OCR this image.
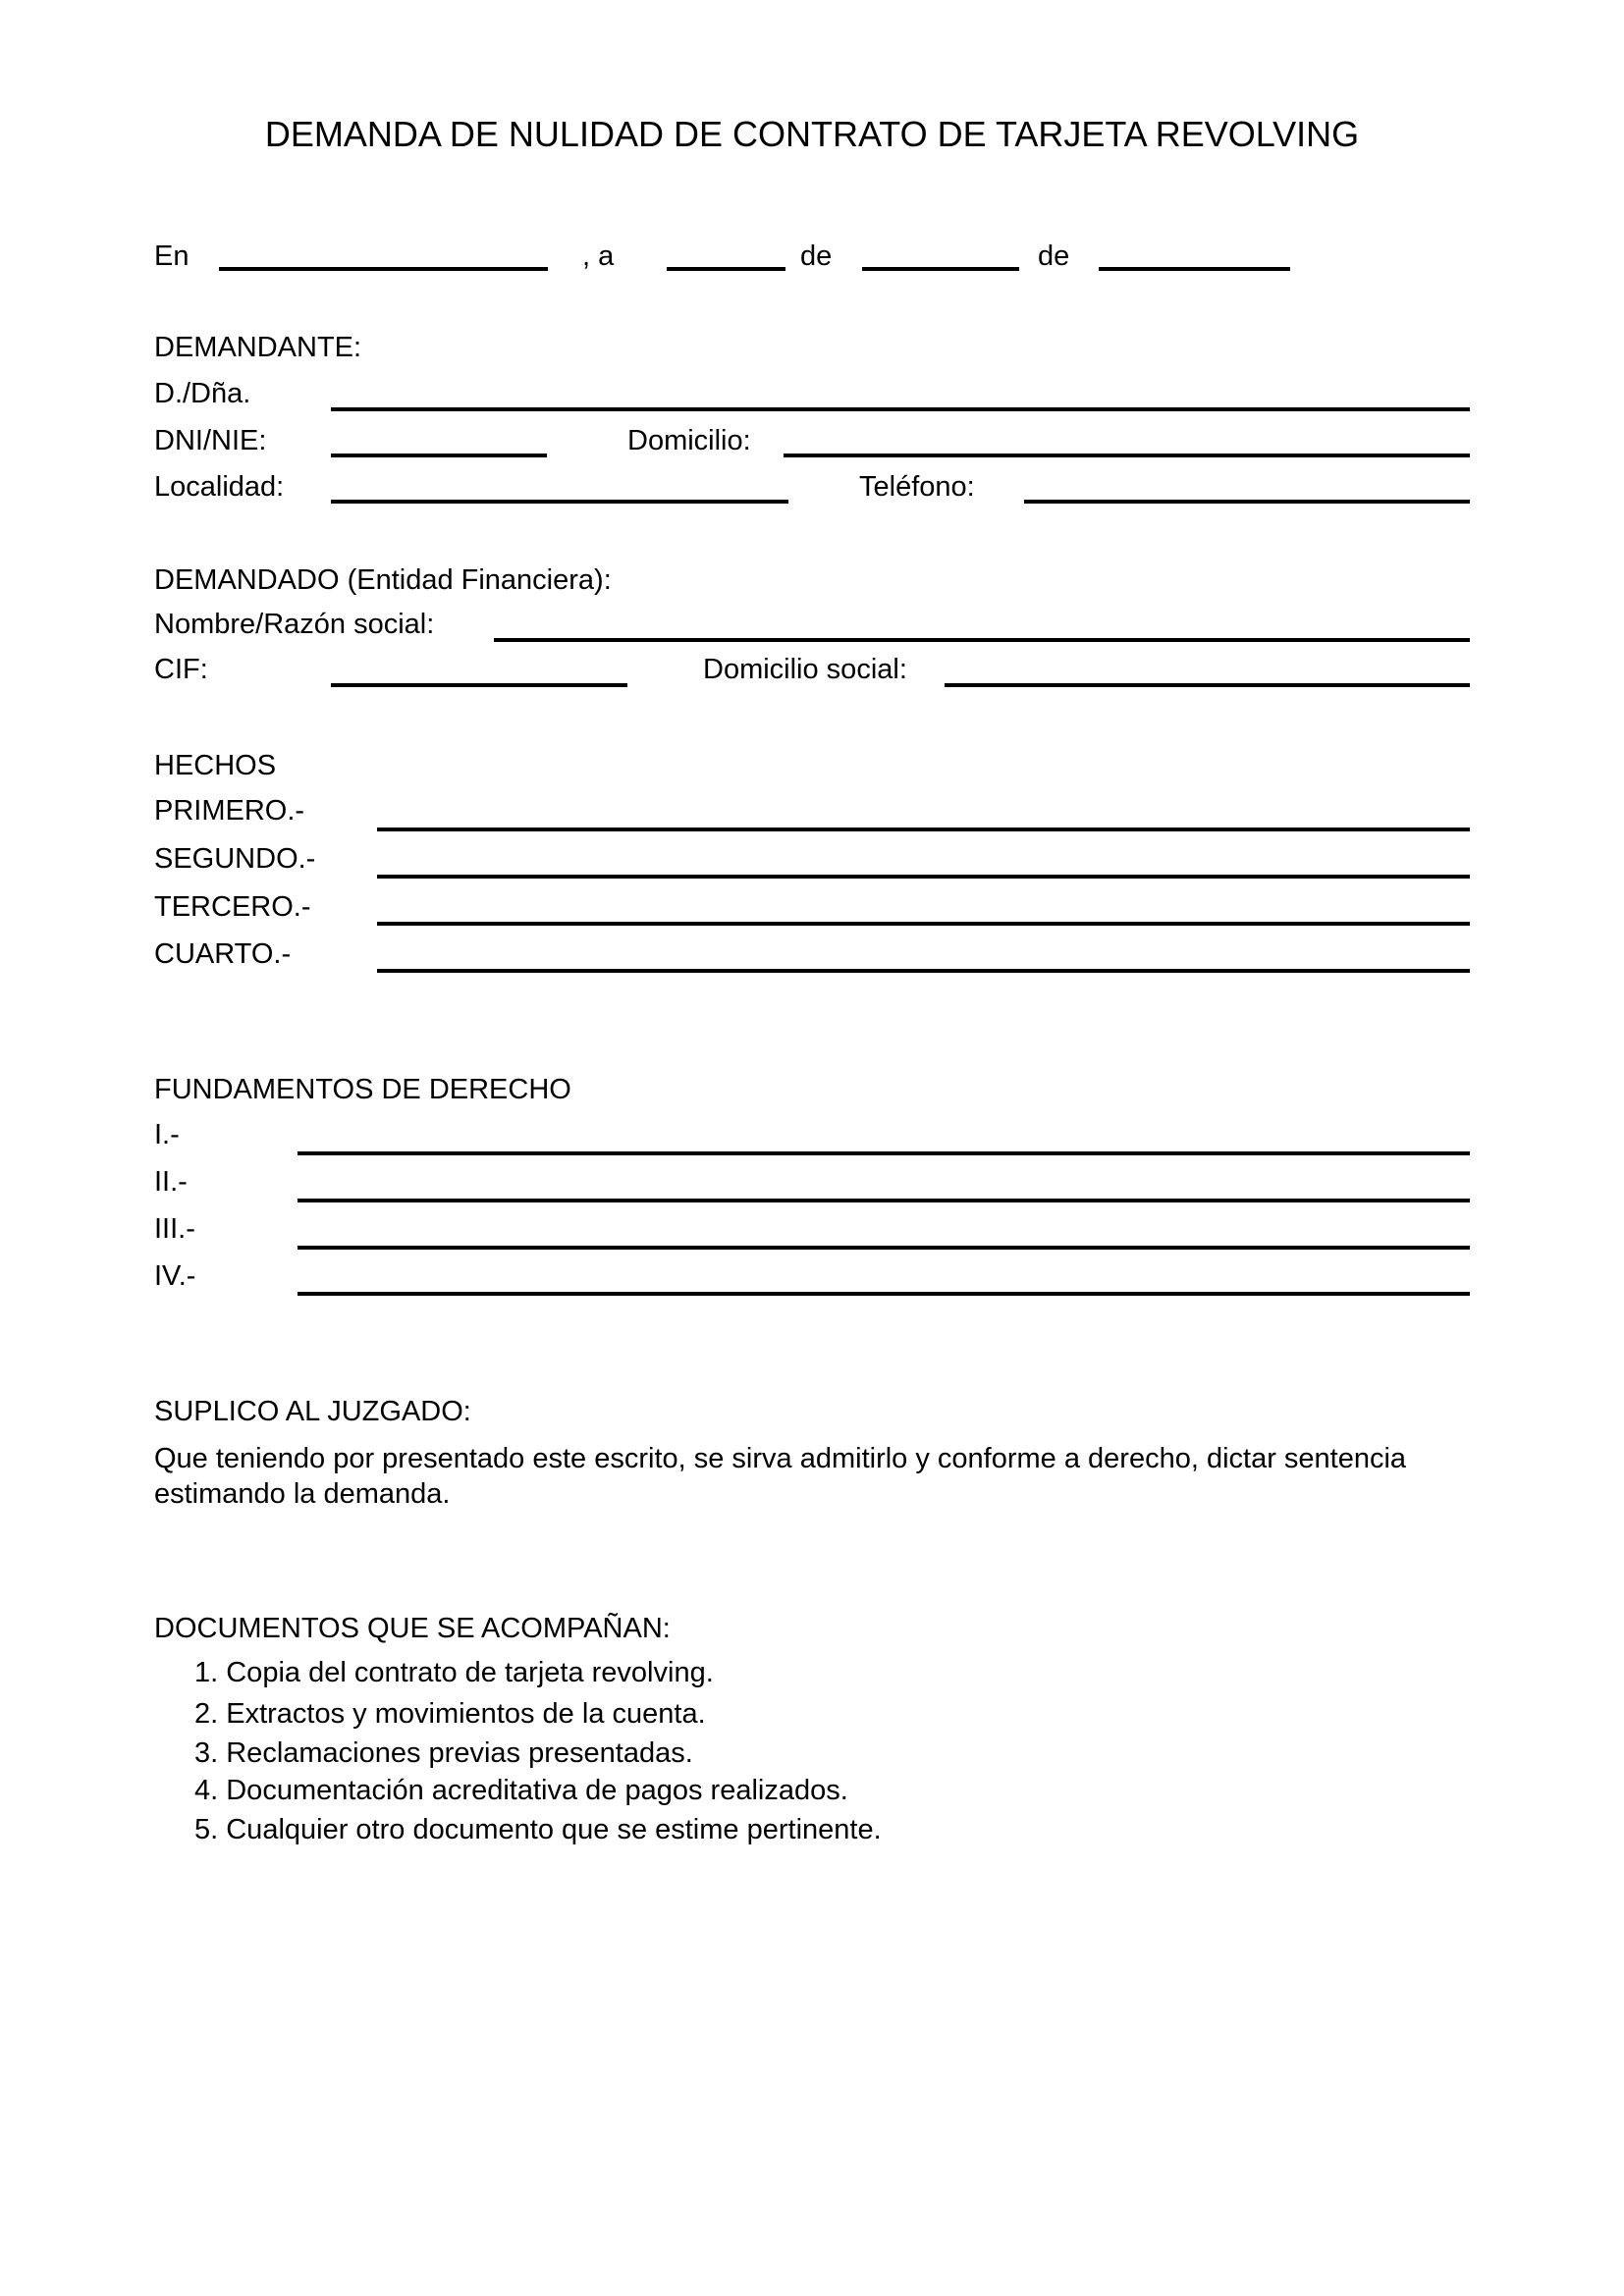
DEMANDA DE NULIDAD DE CONTRATO DE TARJETA REVOLVING
En	, a	de	de
DEMANDANTE:
D./Dña.
DNI/NIE:	Domicilio:
Localidad:	Teléfono:
DEMANDADO (Entidad Financiera):
Nombre/Razón social:
CIF:	Domicilio social:
HECHOS
PRIMERO.-
SEGUNDO.-
TERCERO.-
CUARTO.-
FUNDAMENTOS DE DERECHO
I.-
II.-
III.-
IV.-
SUPLICO AL JUZGADO:
Que teniendo por presentado este escrito, se sirva admitirlo y conforme a derecho, dictar sentencia
estimando la demanda.
DOCUMENTOS QUE SE ACOMPAÑAN:
1. Copia del contrato de tarjeta revolving.
2. Extractos y movimientos de la cuenta.
3. Reclamaciones previas presentadas.
4. Documentación acreditativa de pagos realizados.
5. Cualquier otro documento que se estime pertinente.
